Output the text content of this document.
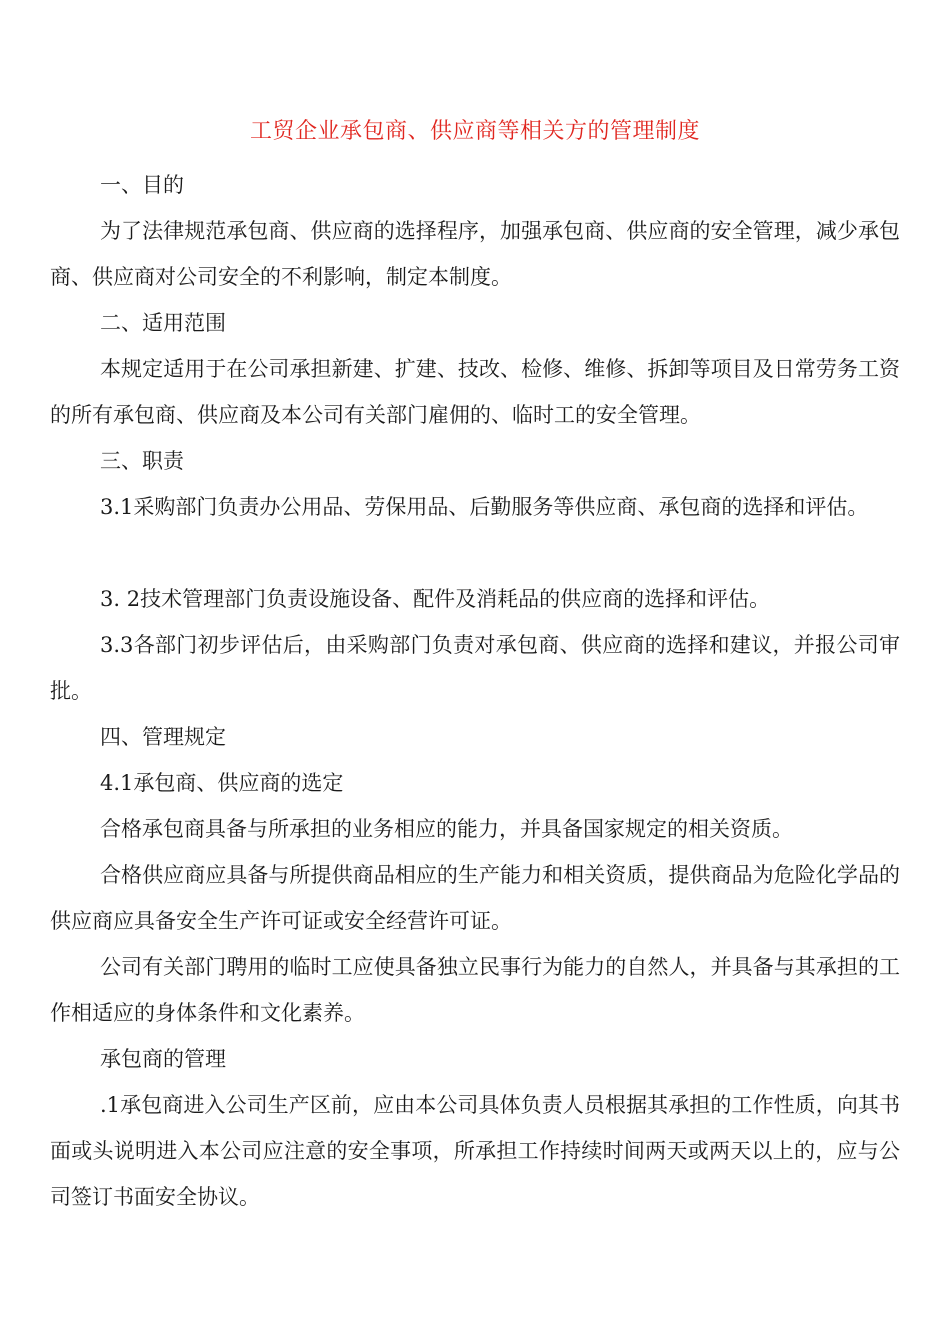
工贸企业承包商、供应商等相关方的管理制度

一、目的

为了法律规范承包商、供应商的选择程序，加强承包商、供应商的安全管理，减少承包商、供应商对公司安全的不利影响，制定本制度。

二、适用范围

本规定适用于在公司承担新建、扩建、技改、检修、维修、拆卸等项目及日常劳务工资的所有承包商、供应商及本公司有关部门雇佣的、临时工的安全管理。

三、职责

3.1采购部门负责办公用品、劳保用品、后勤服务等供应商、承包商的选择和评估。

3. 2技术管理部门负责设施设备、配件及消耗品的供应商的选择和评估。

3.3各部门初步评估后，由采购部门负责对承包商、供应商的选择和建议，并报公司审批。

四、管理规定

4.1承包商、供应商的选定

合格承包商具备与所承担的业务相应的能力，并具备国家规定的相关资质。

合格供应商应具备与所提供商品相应的生产能力和相关资质，提供商品为危险化学品的供应商应具备安全生产许可证或安全经营许可证。

公司有关部门聘用的临时工应使具备独立民事行为能力的自然人，并具备与其承担的工作相适应的身体条件和文化素养。

承包商的管理

.1承包商进入公司生产区前，应由本公司具体负责人员根据其承担的工作性质，向其书面或头说明进入本公司应注意的安全事项，所承担工作持续时间两天或两天以上的，应与公司签订书面安全协议。
